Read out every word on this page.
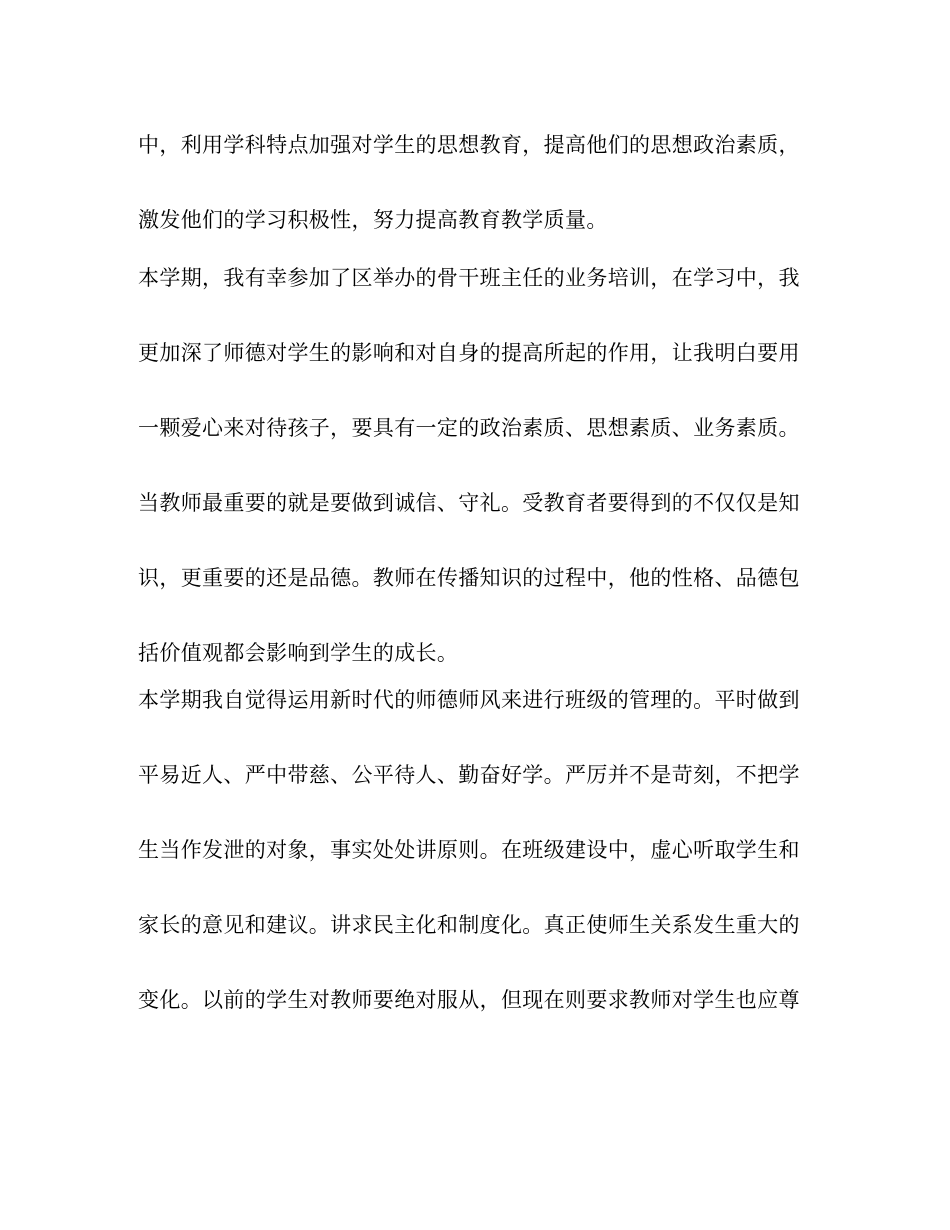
中，利用学科特点加强对学生的思想教育，提高他们的思想政治素质，
激发他们的学习积极性，努力提高教育教学质量。
本学期，我有幸参加了区举办的骨干班主任的业务培训，在学习中，我
更加深了师德对学生的影响和对自身的提高所起的作用，让我明白要用
一颗爱心来对待孩子，要具有一定的政治素质、思想素质、业务素质。
当教师最重要的就是要做到诚信、守礼。受教育者要得到的不仅仅是知
识，更重要的还是品德。教师在传播知识的过程中，他的性格、品德包
括价值观都会影响到学生的成长。
本学期我自觉得运用新时代的师德师风来进行班级的管理的。平时做到
平易近人、严中带慈、公平待人、勤奋好学。严厉并不是苛刻，不把学
生当作发泄的对象，事实处处讲原则。在班级建设中，虚心听取学生和
家长的意见和建议。讲求民主化和制度化。真正使师生关系发生重大的
变化。以前的学生对教师要绝对服从，但现在则要求教师对学生也应尊
